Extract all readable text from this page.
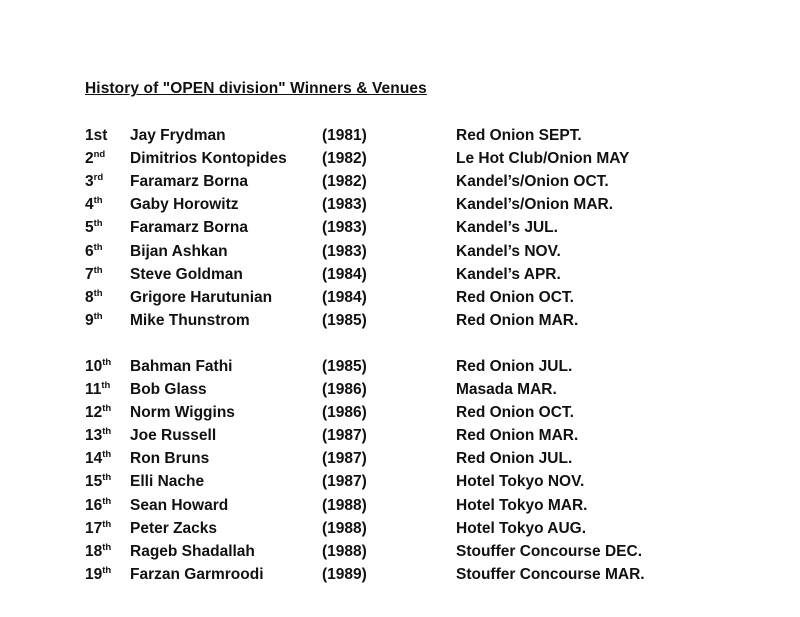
History of "OPEN division" Winners & Venues
1st Jay Frydman	(1981)	Red Onion SEPT.
2nd Dimitrios Kontopides (1982)	Le Hot Club/Onion MAY
3rd Faramarz Borna	(1982)	Kandel’s/Onion OCT.
4th Gaby Horowitz	(1983)	Kandel’s/Onion MAR.
5th Faramarz Borna	(1983)	Kandel’s JUL.
6th Bijan Ashkan	(1983)	Kandel’s NOV.
7th Steve Goldman	(1984)	Kandel’s APR.
8th Grigore Harutunian	(1984)	Red Onion OCT.
9th Mike Thunstrom	(1985)	Red Onion MAR.
10th Bahman Fathi	(1985)	Red Onion JUL.
11th Bob Glass	(1986)	Masada MAR.
12th Norm Wiggins	(1986)	Red Onion OCT.
13th Joe Russell	(1987)	Red Onion MAR.
14th Ron Bruns	(1987)	Red Onion JUL.
15th Elli Nache	(1987)	Hotel Tokyo NOV.
16th Sean Howard	(1988)	Hotel Tokyo MAR.
17th Peter Zacks	(1988)	Hotel Tokyo AUG.
18th Rageb Shadallah	(1988)	Stouffer Concourse DEC.
19th Farzan Garmroodi	(1989)	Stouffer Concourse MAR.
